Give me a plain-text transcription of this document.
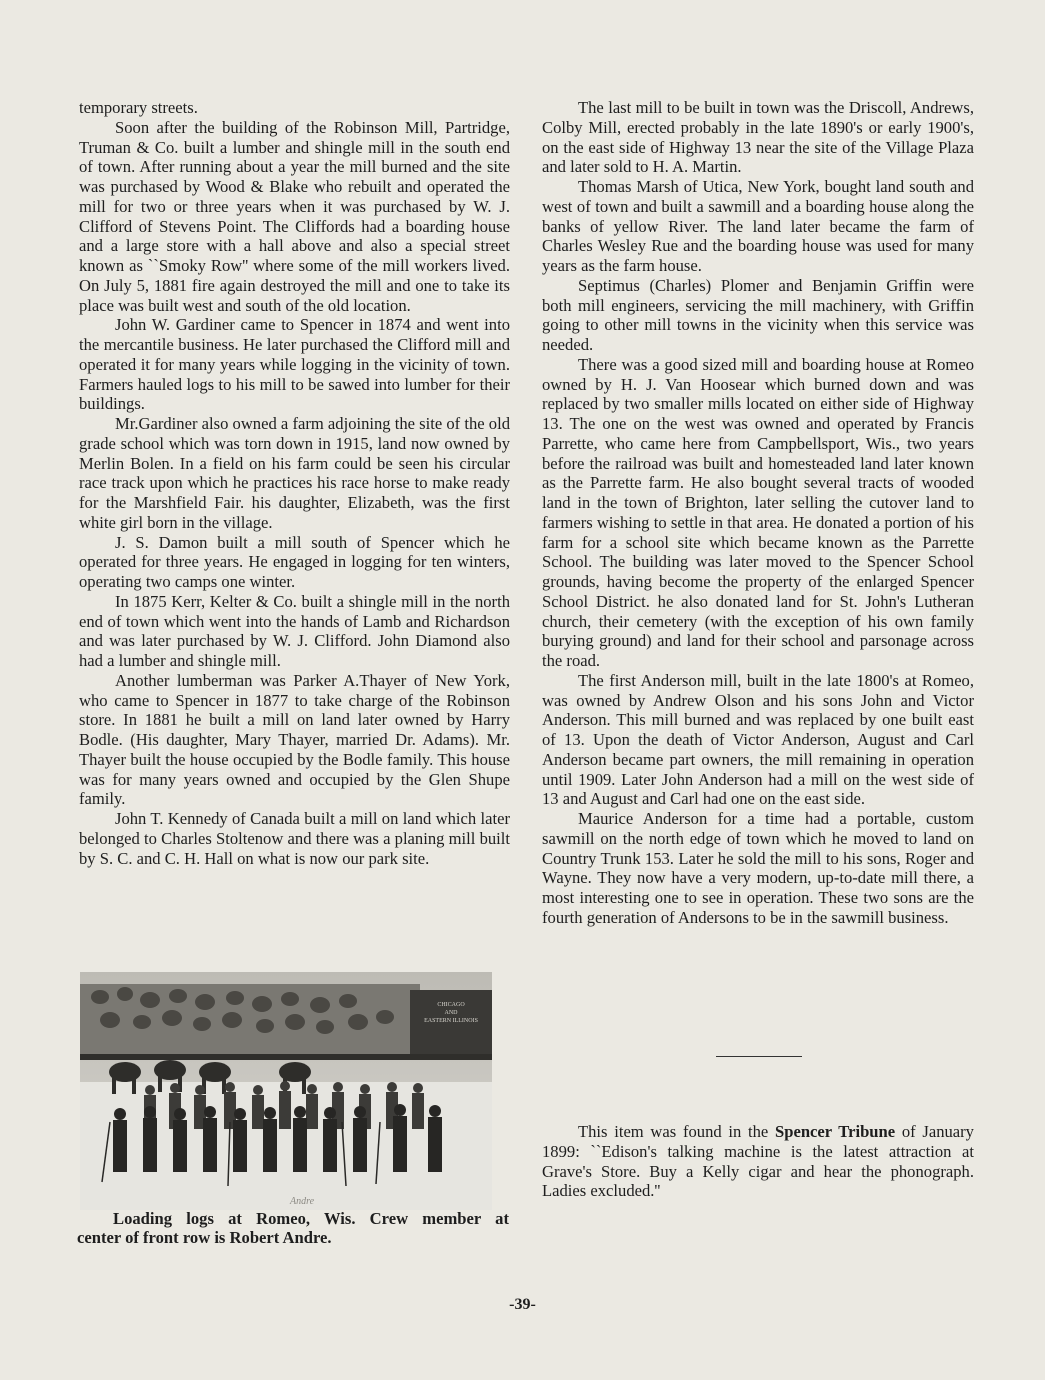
temporary streets.

Soon after the building of the Robinson Mill, Partridge, Truman & Co. built a lumber and shingle mill in the south end of town. After running about a year the mill burned and the site was purchased by Wood & Blake who rebuilt and operated the mill for two or three years when it was purchased by W. J. Clifford of Stevens Point. The Cliffords had a boarding house and a large store with a hall above and also a special street known as ``Smoky Row'' where some of the mill workers lived. On July 5, 1881 fire again destroyed the mill and one to take its place was built west and south of the old location.

John W. Gardiner came to Spencer in 1874 and went into the mercantile business. He later purchased the Clifford mill and operated it for many years while logging in the vicinity of town. Farmers hauled logs to his mill to be sawed into lumber for their buildings.

Mr.Gardiner also owned a farm adjoining the site of the old grade school which was torn down in 1915, land now owned by Merlin Bolen. In a field on his farm could be seen his circular race track upon which he practices his race horse to make ready for the Marshfield Fair. his daughter, Elizabeth, was the first white girl born in the village.

J. S. Damon built a mill south of Spencer which he operated for three years. He engaged in logging for ten winters, operating two camps one winter.

In 1875 Kerr, Kelter & Co. built a shingle mill in the north end of town which went into the hands of Lamb and Richardson and was later purchased by W. J. Clifford. John Diamond also had a lumber and shingle mill.

Another lumberman was Parker A.Thayer of New York, who came to Spencer in 1877 to take charge of the Robinson store. In 1881 he built a mill on land later owned by Harry Bodle. (His daughter, Mary Thayer, married Dr. Adams). Mr. Thayer built the house occupied by the Bodle family. This house was for many years owned and occupied by the Glen Shupe family.

John T. Kennedy of Canada built a mill on land which later belonged to Charles Stoltenow and there was a planing mill built by S. C. and C. H. Hall on what is now our park site.

CHICAGO
AND
EASTERN ILLINOIS
Andre
Loading logs at Romeo, Wis. Crew member at
center of front row is Robert Andre.

The last mill to be built in town was the Driscoll, Andrews, Colby Mill, erected probably in the late 1890's or early 1900's, on the east side of Highway 13 near the site of the Village Plaza and later sold to H. A. Martin.

Thomas Marsh of Utica, New York, bought land south and west of town and built a sawmill and a boarding house along the banks of yellow River. The land later became the farm of Charles Wesley Rue and the boarding house was used for many years as the farm house.

Septimus (Charles) Plomer and Benjamin Griffin were both mill engineers, servicing the mill machinery, with Griffin going to other mill towns in the vicinity when this service was needed.

There was a good sized mill and boarding house at Romeo owned by H. J. Van Hoosear which burned down and was replaced by two smaller mills located on either side of Highway 13. The one on the west was owned and operated by Francis Parrette, who came here from Campbellsport, Wis., two years before the railroad was built and homesteaded land later known as the Parrette farm. He also bought several tracts of wooded land in the town of Brighton, later selling the cutover land to farmers wishing to settle in that area. He donated a portion of his farm for a school site which became known as the Parrette School. The building was later moved to the Spencer School grounds, having become the property of the enlarged Spencer School District. he also donated land for St. John's Lutheran church, their cemetery (with the exception of his own family burying ground) and land for their school and parsonage across the road.

The first Anderson mill, built in the late 1800's at Romeo, was owned by Andrew Olson and his sons John and Victor Anderson. This mill burned and was replaced by one built east of 13. Upon the death of Victor Anderson, August and Carl Anderson became part owners, the mill remaining in operation until 1909. Later John Anderson had a mill on the west side of 13 and August and Carl had one on the east side.

Maurice Anderson for a time had a portable, custom sawmill on the north edge of town which he moved to land on Country Trunk 153. Later he sold the mill to his sons, Roger and Wayne. They now have a very modern, up-to-date mill there, a most interesting one to see in operation. These two sons are the fourth generation of Andersons to be in the sawmill business.

This item was found in the Spencer Tribune of January 1899: ``Edison's talking machine is the latest attraction at Grave's Store. Buy a Kelly cigar and hear the phonograph. Ladies excluded.''

-39-
